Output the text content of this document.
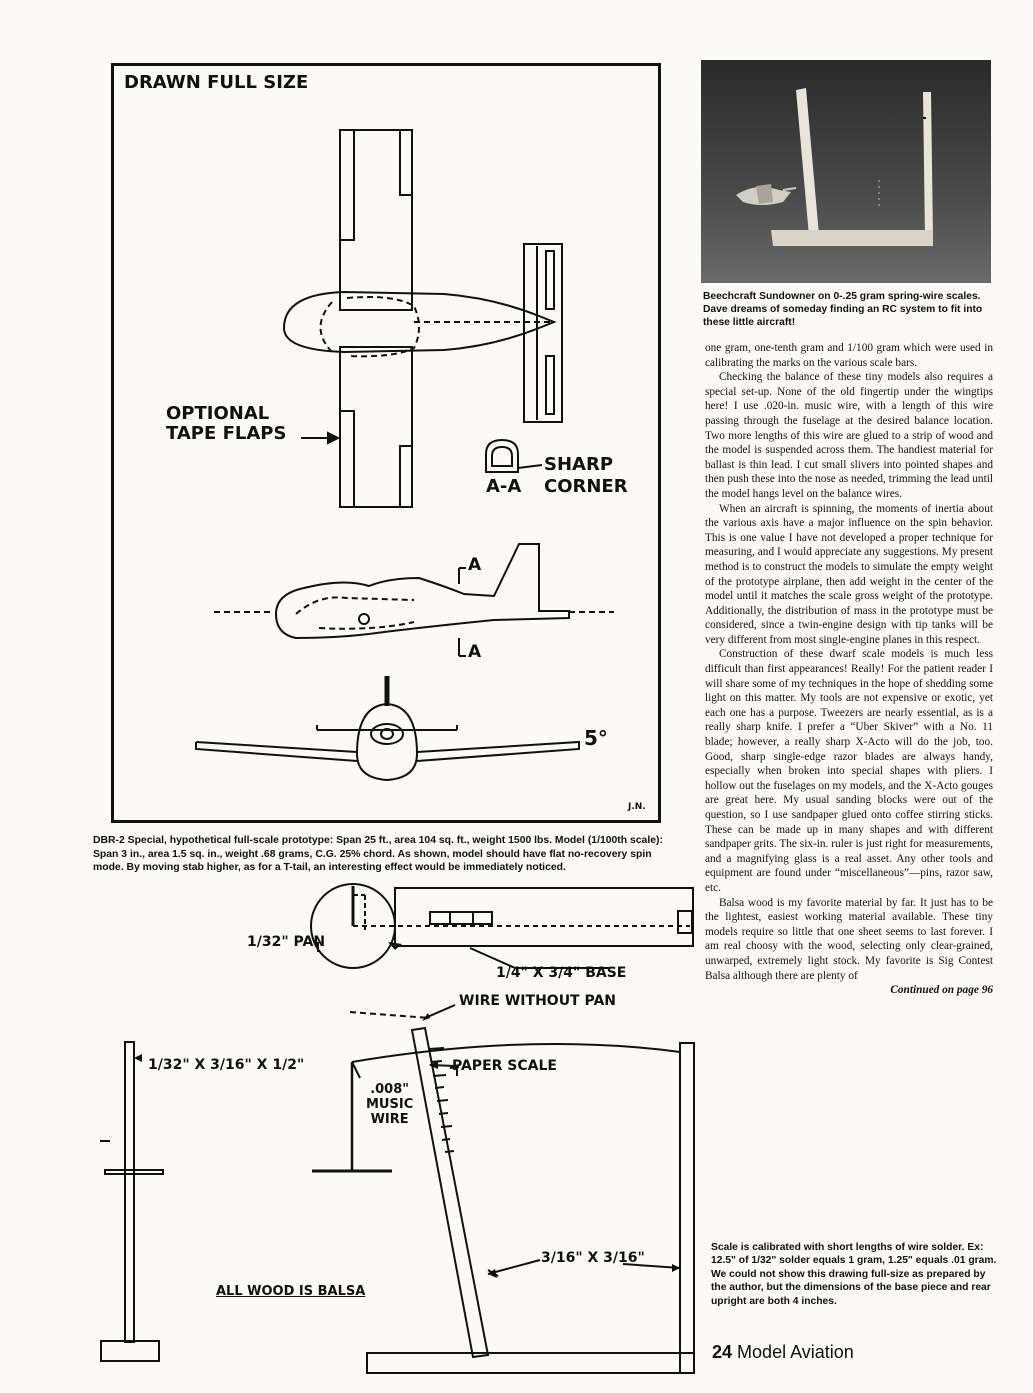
DRAWN FULL SIZE
OPTIONAL
TAPE FLAPS
A-A
SHARP
CORNER
A
A
5°
J.N.
DBR-2 Special, hypothetical full-scale prototype: Span 25 ft., area 104 sq. ft., weight 1500 lbs. Model (1/100th scale): Span 3 in., area 1.5 sq. in., weight .68 grams, C.G. 25% chord. As shown, model should have flat no-recovery spin mode. By moving stab higher, as for a T-tail, an interesting effect would be immediately noticed.
1/32" PAN
1/4" X 3/4" BASE
WIRE WITHOUT PAN
1/32" X 3/16" X 1/2"	PAPER SCALE
.008"
MUSIC
WIRE
3/16" X 3/16"
ALL WOOD IS BALSA
Beechcraft Sundowner on 0-.25 gram spring-wire scales. Dave dreams of someday finding an RC system to fit into these little aircraft!

one gram, one-tenth gram and 1/100 gram which were used in calibrating the marks on the various scale bars.

Checking the balance of these tiny models also requires a special set-up. None of the old fingertip under the wingtips here! I use .020-in. music wire, with a length of this wire passing through the fuselage at the desired balance location. Two more lengths of this wire are glued to a strip of wood and the model is suspended across them. The handiest material for ballast is thin lead. I cut small slivers into pointed shapes and then push these into the nose as needed, trimming the lead until the model hangs level on the balance wires.

When an aircraft is spinning, the moments of inertia about the various axis have a major influence on the spin behavior. This is one value I have not developed a proper technique for measuring, and I would appreciate any suggestions. My present method is to construct the models to simulate the empty weight of the prototype airplane, then add weight in the center of the model until it matches the scale gross weight of the prototype. Additionally, the distribution of mass in the prototype must be considered, since a twin-engine design with tip tanks will be very different from most single-engine planes in this respect.

Construction of these dwarf scale models is much less difficult than first appearances! Really! For the patient reader I will share some of my techniques in the hope of shedding some light on this matter. My tools are not expensive or exotic, yet each one has a purpose. Tweezers are nearly essential, as is a really sharp knife. I prefer a “Uber Skiver” with a No. 11 blade; however, a really sharp X-Acto will do the job, too. Good, sharp single-edge razor blades are always handy, especially when broken into special shapes with pliers. I hollow out the fuselages on my models, and the X-Acto gouges are great here. My usual sanding blocks were out of the question, so I use sandpaper glued onto coffee stirring sticks. These can be made up in many shapes and with different sandpaper grits. The six-in. ruler is just right for measurements, and a magnifying glass is a real asset. Any other tools and equipment are found under “miscellaneous”—pins, razor saw, etc.

Balsa wood is my favorite material by far. It just has to be the lightest, easiest working material available. These tiny models require so little that one sheet seems to last forever. I am real choosy with the wood, selecting only clear-grained, unwarped, extremely light stock. My favorite is Sig Contest Balsa although there are plenty of

Continued on page 96

Scale is calibrated with short lengths of wire solder. Ex: 12.5" of 1/32" solder equals 1 gram, 1.25" equals .01 gram. We could not show this drawing full-size as prepared by the author, but the dimensions of the base piece and rear upright are both 4 inches.
24 Model Aviation
